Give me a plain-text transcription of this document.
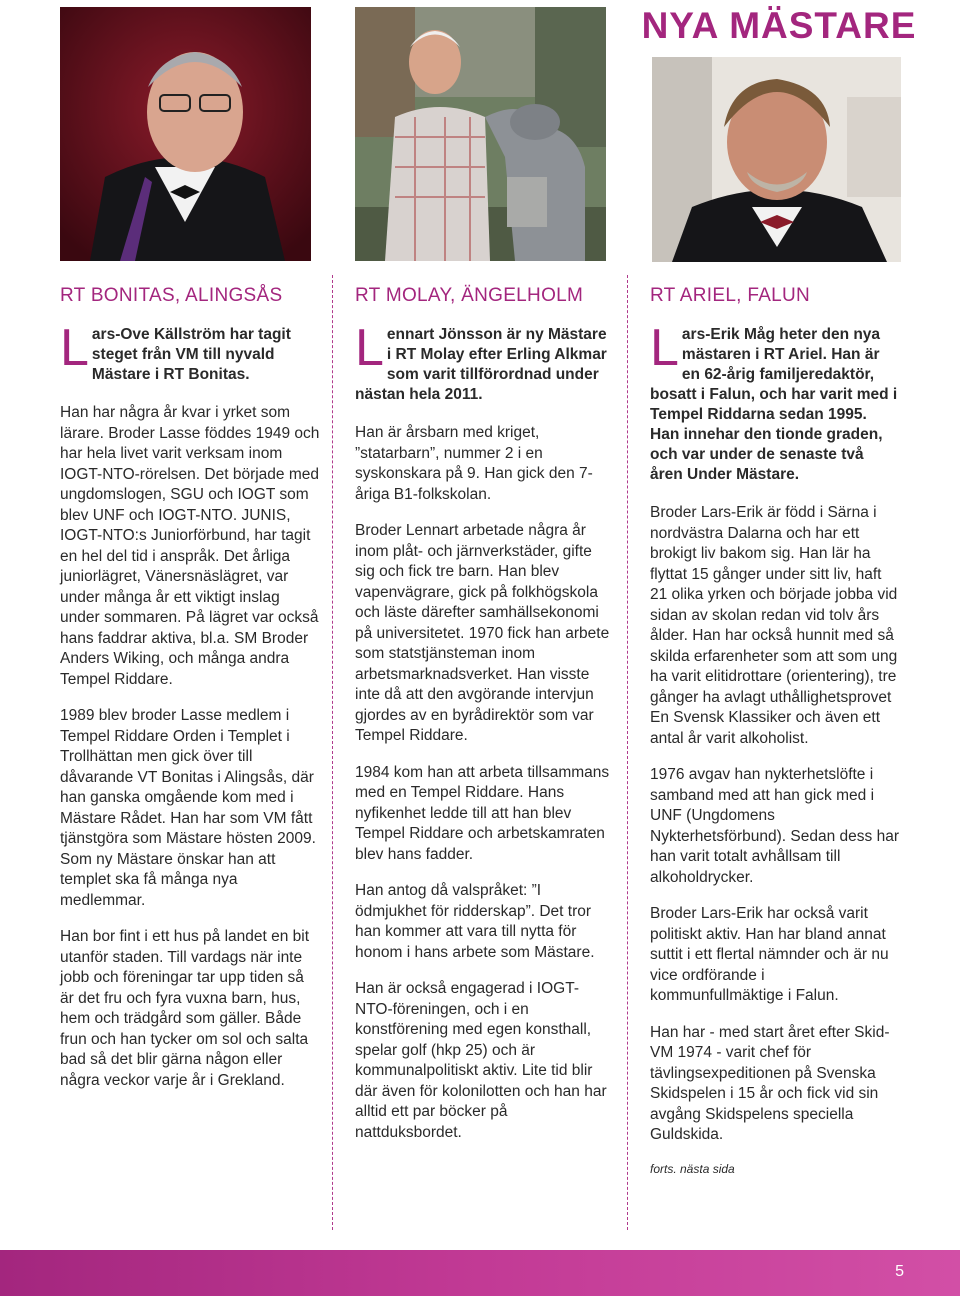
NYA MÄSTARE
RT BONITAS, ALINGSÅS

Lars-Ove Källström har tagit steget från VM till nyvald Mästare i RT Bonitas.

Han har några år kvar i yrket som lärare. Broder Lasse föddes 1949 och har hela livet varit verksam inom IOGT-NTO-rörelsen. Det började med ungdomslogen, SGU och IOGT som blev UNF och IOGT-NTO. JUNIS, IOGT-NTO:s Juniorförbund, har tagit en hel del tid i anspråk. Det årliga juniorlägret, Vänersnäslägret, var under många år ett viktigt inslag under sommaren. På lägret var också hans faddrar aktiva, bl.a. SM Broder Anders Wiking, och många andra Tempel Riddare.

1989 blev broder Lasse medlem i Tempel Riddare Orden i Templet i Trollhättan men gick över till dåvarande VT Bonitas i Alingsås, där han ganska omgående kom med i Mästare Rådet. Han har som VM fått tjänstgöra som Mästare hösten 2009. Som ny Mästare önskar han att templet ska få många nya medlemmar.

Han bor fint i ett hus på landet en bit utanför staden. Till vardags när inte jobb och föreningar tar upp tiden så är det fru och fyra vuxna barn, hus, hem och trädgård som gäller. Både frun och han tycker om sol och salta bad så det blir gärna någon eller några veckor varje år i Grekland.

RT MOLAY, ÄNGELHOLM

Lennart Jönsson är ny Mästare i RT Molay efter Erling Alkmar som varit tillförordnad under nästan hela 2011.

Han är årsbarn med kriget, ”statarbarn”, nummer 2 i en syskonskara på 9. Han gick den 7-åriga B1-folkskolan.

Broder Lennart arbetade några år inom plåt- och järnverkstäder, gifte sig och fick tre barn. Han blev vapenvägrare, gick på folkhögskola och läste därefter samhällsekonomi på universitetet. 1970 fick han arbete som statstjänsteman inom arbetsmarknadsverket. Han visste inte då att den avgörande intervjun gjordes av en byrådirektör som var Tempel Riddare.

1984 kom han att arbeta tillsammans med en Tempel Riddare. Hans nyfikenhet ledde till att han blev Tempel Riddare och arbetskamraten blev hans fadder.

Han antog då valspråket: ”I ödmjukhet för ridderskap”. Det tror han kommer att vara till nytta för honom i hans arbete som Mästare.

Han är också engagerad i IOGT-NTO-föreningen, och i en konstförening med egen konsthall, spelar golf (hkp 25) och är kommunalpolitiskt aktiv. Lite tid blir där även för kolonilotten och han har alltid ett par böcker på nattduksbordet.

RT ARIEL, FALUN

Lars-Erik Måg heter den nya mästaren i RT Ariel. Han är en 62-årig familjeredaktör, bosatt i Falun, och har varit med i Tempel Riddarna sedan 1995. Han innehar den tionde graden, och var under de senaste två åren Under Mästare.

Broder Lars-Erik är född i Särna i nordvästra Dalarna och har ett brokigt liv bakom sig. Han lär ha flyttat 15 gånger under sitt liv, haft 21 olika yrken och började jobba vid sidan av skolan redan vid tolv års ålder. Han har också hunnit med så skilda erfarenheter som att som ung ha varit elitidrottare (orientering), tre gånger ha avlagt uthållighetsprovet En Svensk Klassiker och även ett antal år varit alkoholist.

1976 avgav han nykterhetslöfte i samband med att han gick med i UNF (Ungdomens Nykterhetsförbund). Sedan dess har han varit totalt avhållsam till alkoholdrycker.

Broder Lars-Erik har också varit politiskt aktiv. Han har bland annat suttit i ett flertal nämnder och är nu vice ordförande i kommunfullmäktige i Falun.

Han har - med start året efter Skid-VM 1974 - varit chef för tävlingsexpeditionen på Svenska Skidspelen i 15 år och fick vid sin avgång Skidspelens speciella Guldskida.

forts. nästa sida
5
